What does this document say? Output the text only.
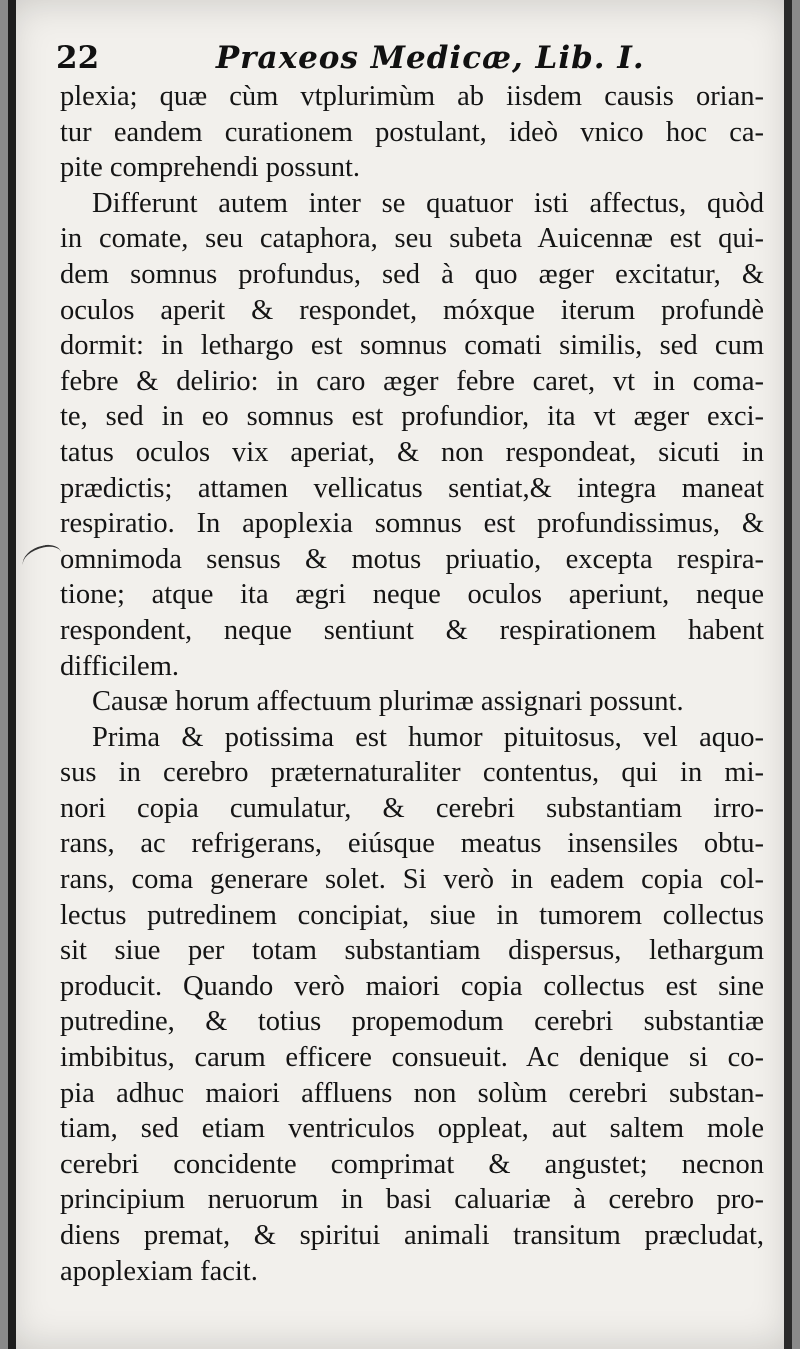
22	Praxeos Medicæ, Lib. I.
plexia; quæ cùm vtplurimùm ab iisdem causis orian-
tur eandem curationem postulant, ideò vnico hoc ca-
pite comprehendi possunt.
Differunt autem inter se quatuor isti affectus, quòd
in comate, seu cataphora, seu subeta Auicennæ est qui-
dem somnus profundus, sed à quo æger excitatur, &
oculos aperit & respondet, móxque iterum profundè
dormit: in lethargo est somnus comati similis, sed cum
febre & delirio: in caro æger febre caret, vt in coma-
te, sed in eo somnus est profundior, ita vt æger exci-
tatus oculos vix aperiat, & non respondeat, sicuti in
prædictis; attamen vellicatus sentiat,& integra maneat
respiratio. In apoplexia somnus est profundissimus, &
omnimoda sensus & motus priuatio, excepta respira-
tione; atque ita ægri neque oculos aperiunt, neque
respondent, neque sentiunt & respirationem habent
difficilem.
Causæ horum affectuum plurimæ assignari possunt.
Prima & potissima est humor pituitosus, vel aquo-
sus in cerebro præternaturaliter contentus, qui in mi-
nori copia cumulatur, & cerebri substantiam irro-
rans, ac refrigerans, eiúsque meatus insensiles obtu-
rans, coma generare solet. Si verò in eadem copia col-
lectus putredinem concipiat, siue in tumorem collectus
sit siue per totam substantiam dispersus, lethargum
producit. Quando verò maiori copia collectus est sine
putredine, & totius propemodum cerebri substantiæ
imbibitus, carum efficere consueuit. Ac denique si co-
pia adhuc maiori affluens non solùm cerebri substan-
tiam, sed etiam ventriculos oppleat, aut saltem mole
cerebri concidente comprimat & angustet; necnon
principium neruorum in basi caluariæ à cerebro pro-
diens premat, & spiritui animali transitum præcludat,
apoplexiam facit.
